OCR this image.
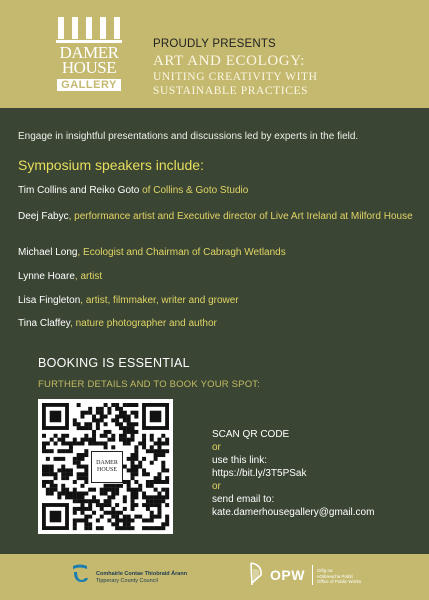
DAMER
HOUSE
GALLERY
PROUDLY PRESENTS
ART AND ECOLOGY:
UNITING CREATIVITY WITH
SUSTAINABLE PRACTICES
Engage in insightful presentations and discussions led by experts in the field.
Symposium speakers include:
Tim Collins and Reiko Goto of Collins & Goto Studio
Deej Fabyc, performance artist and Executive director of Live Art Ireland at Milford House
Michael Long, Ecologist and Chairman of Cabragh Wetlands
Lynne Hoare, artist
Lisa Fingleton, artist, filmmaker, writer and grower
Tina Claffey, nature photographer and author
BOOKING IS ESSENTIAL
FURTHER DETAILS AND TO BOOK YOUR SPOT:
DAMER
HOUSE
SCAN QR CODE
or
use this link:
https://bit.ly/3T5PSak
or
send email to:
kate.damerhousegallery@gmail.com
Comhairle Contae Thiobraid Árann
Tipperary County Council	OPW	Oifig na
nOibreacha Poiblí
Office of Public Works
